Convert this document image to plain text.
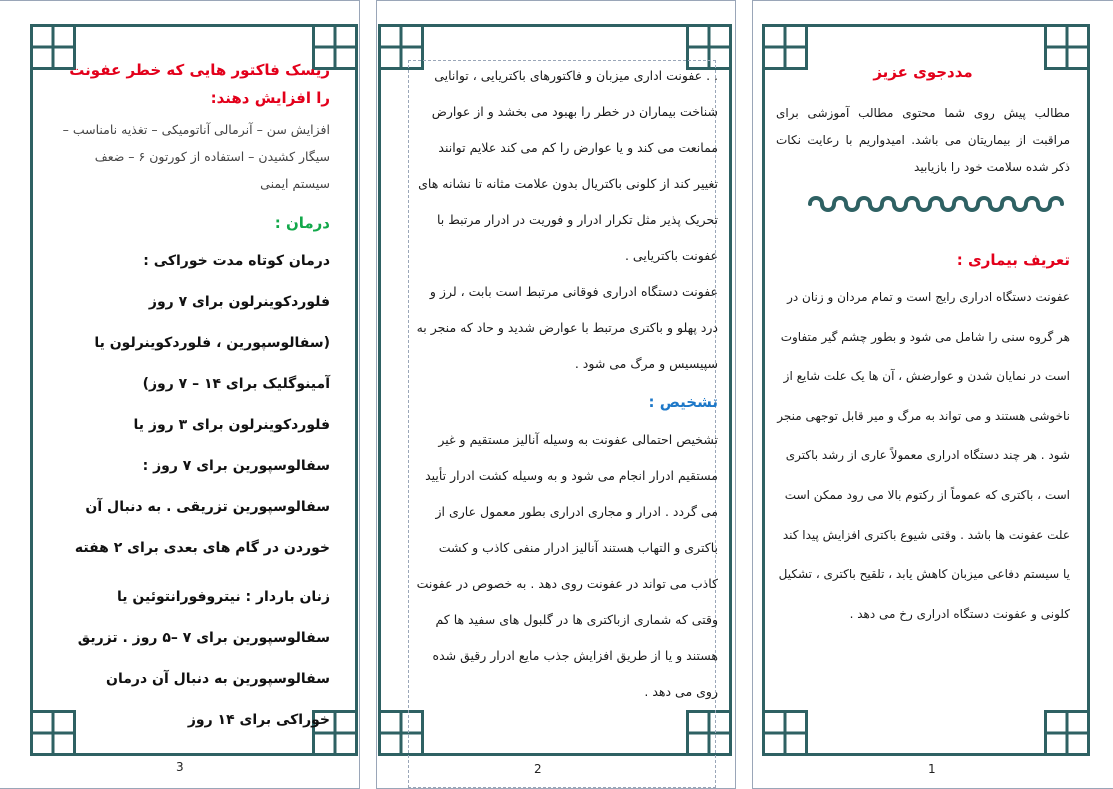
ریسک فاکتور هایی که خطر عفونت را افزایش دهند:

افزایش سن – آنرمالی آناتومیکی – تغذیه نامناسب – سیگار کشیدن – استفاده از کورتون ۶ – ضعف سیستم ایمنی

درمان :

درمان کوتاه مدت خوراکی : فلوردکوینرلون برای ۷ روز (سفالوسپورین ، فلوردکوینرلون یا آمینوگلیک برای ۱۴ – ۷ روز) فلوردکوینرلون برای ۳ روز یا سفالوسپورین برای ۷ روز : سفالوسپورین تزریقی . به دنبال آن خوردن در گام های بعدی برای ۲ هفته

زنان باردار : نیتروفورانتوئین یا سفالوسپورین برای ۷ –۵ روز . تزریق سفالوسپورین به دنبال آن درمان خوراکی برای ۱۴ روز

3

. . عفونت اداری میزبان و فاکتورهای باکتریایی ، توانایی شناخت بیماران در خطر را بهبود می بخشد و از عوارض ممانعت می کند و یا عوارض را کم می کند علایم توانند تغییر کند از کلونی باکتریال بدون علامت مثانه تا نشانه های تحریک پذیر مثل تکرار ادرار و فوریت در ادرار مرتبط با عفونت باکتریایی .

عفونت دستگاه ادراری فوقانی مرتبط است بابت ، لرز و درد پهلو و باکتری مرتبط با عوارض شدید و حاد که منجر به سپیسیس و مرگ می شود .

تشخیص :

تشخیص احتمالی عفونت به وسیله آنالیز مستقیم و غیر مستقیم ادرار انجام می شود و به وسیله کشت ادرار تأیید می گردد . ادرار و مجاری ادراری بطور معمول عاری از باکتری و التهاب هستند آنالیز ادرار منفی کاذب و کشت کاذب می تواند در عفونت روی دهد . به خصوص در عفونت وقتی که شماری ازباکتری ها در گلبول های سفید ها کم هستند و یا از طریق افزایش جذب مایع ادرار رقیق شده روی می دهد .

2

مددجوی عزیز

مطالب پیش روی شما محتوی مطالب آموزشی برای مراقبت از بیماریتان می باشد. امیدواریم با رعایت نکات ذکر شده سلامت خود را بازیابید

تعریف بیماری :

عفونت دستگاه ادراری رایج است و تمام مردان و زنان در هر گروه سنی را شامل می شود و بطور چشم گیر متفاوت است در نمایان شدن و عوارضش ، آن ها یک علت شایع از ناخوشی هستند و می تواند به مرگ و میر قابل توجهی منجر شود . هر چند دستگاه ادراری معمولاً عاری از رشد باکتری است ، باکتری که عموماً از رکتوم بالا می رود ممکن است علت عفونت ها باشد . وقتی شیوع باکتری افزایش پیدا کند یا سیستم دفاعی میزبان کاهش یابد ، تلقیح باکتری ، تشکیل کلونی و عفونت دستگاه ادراری رخ می دهد .

1
